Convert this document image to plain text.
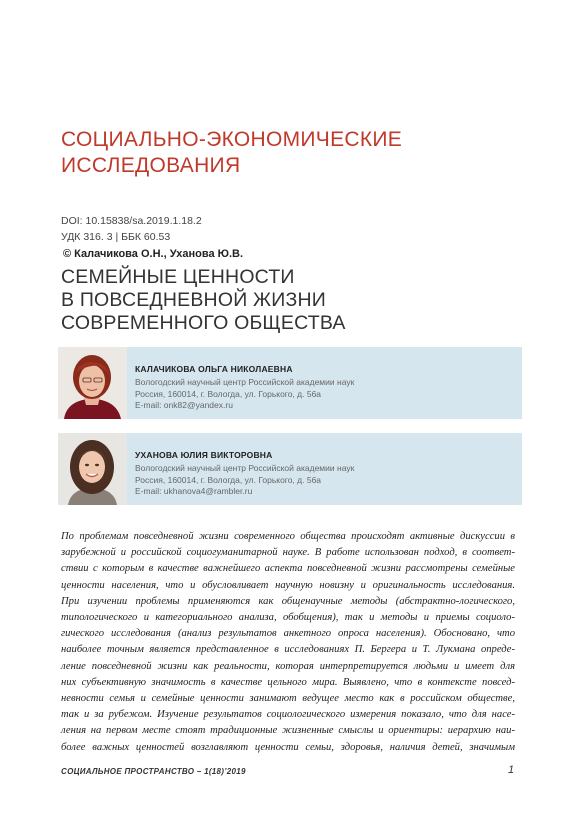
СОЦИАЛЬНО-ЭКОНОМИЧЕСКИЕ
ИССЛЕДОВАНИЯ
DOI: 10.15838/sa.2019.1.18.2
УДК 316. 3 | ББК 60.53
© Калачикова О.Н., Уханова Ю.В.
СЕМЕЙНЫЕ ЦЕННОСТИ
В ПОВСЕДНЕВНОЙ ЖИЗНИ
СОВРЕМЕННОГО ОБЩЕСТВА
КАЛАЧИКОВА ОЛЬГА НИКОЛАЕВНА
Вологодский научный центр Российской академии наук
Россия, 160014, г. Вологда, ул. Горького, д. 56а
E-mail: onk82@yandex.ru
УХАНОВА ЮЛИЯ ВИКТОРОВНА
Вологодский научный центр Российской академии наук
Россия, 160014, г. Вологда, ул. Горького, д. 56а
E-mail: ukhanova4@rambler.ru
По проблемам повседневной жизни современного общества происходят активные дискуссии в
зарубежной и российской социогуманитарной науке. В работе использован подход, в соответ-
ствии с которым в качестве важнейшего аспекта повседневной жизни рассмотрены семейные
ценности населения, что и обусловливает научную новизну и оригинальность исследования.
При изучении проблемы применяются как общенаучные методы (абстрактно-логического,
типологического и категориального анализа, обобщения), так и методы и приемы социоло-
гического исследования (анализ результатов анкетного опроса населения). Обосновано, что
наиболее точным является представленное в исследованиях П. Бергера и Т. Лукмана опреде-
ление повседневной жизни как реальности, которая интерпретируется людьми и имеет для
них субъективную значимость в качестве цельного мира. Выявлено, что в контексте повсед-
невности семья и семейные ценности занимают ведущее место как в российском обществе,
так и за рубежом. Изучение результатов социологического измерения показало, что для насе-
ления на первом месте стоят традиционные жизненные смыслы и ориентиры: иерархию наи-
более важных ценностей возглавляют ценности семьи, здоровья, наличия детей, значимым
СОЦИАЛЬНОЕ ПРОСТРАНСТВО – 1(18)’2019	1
